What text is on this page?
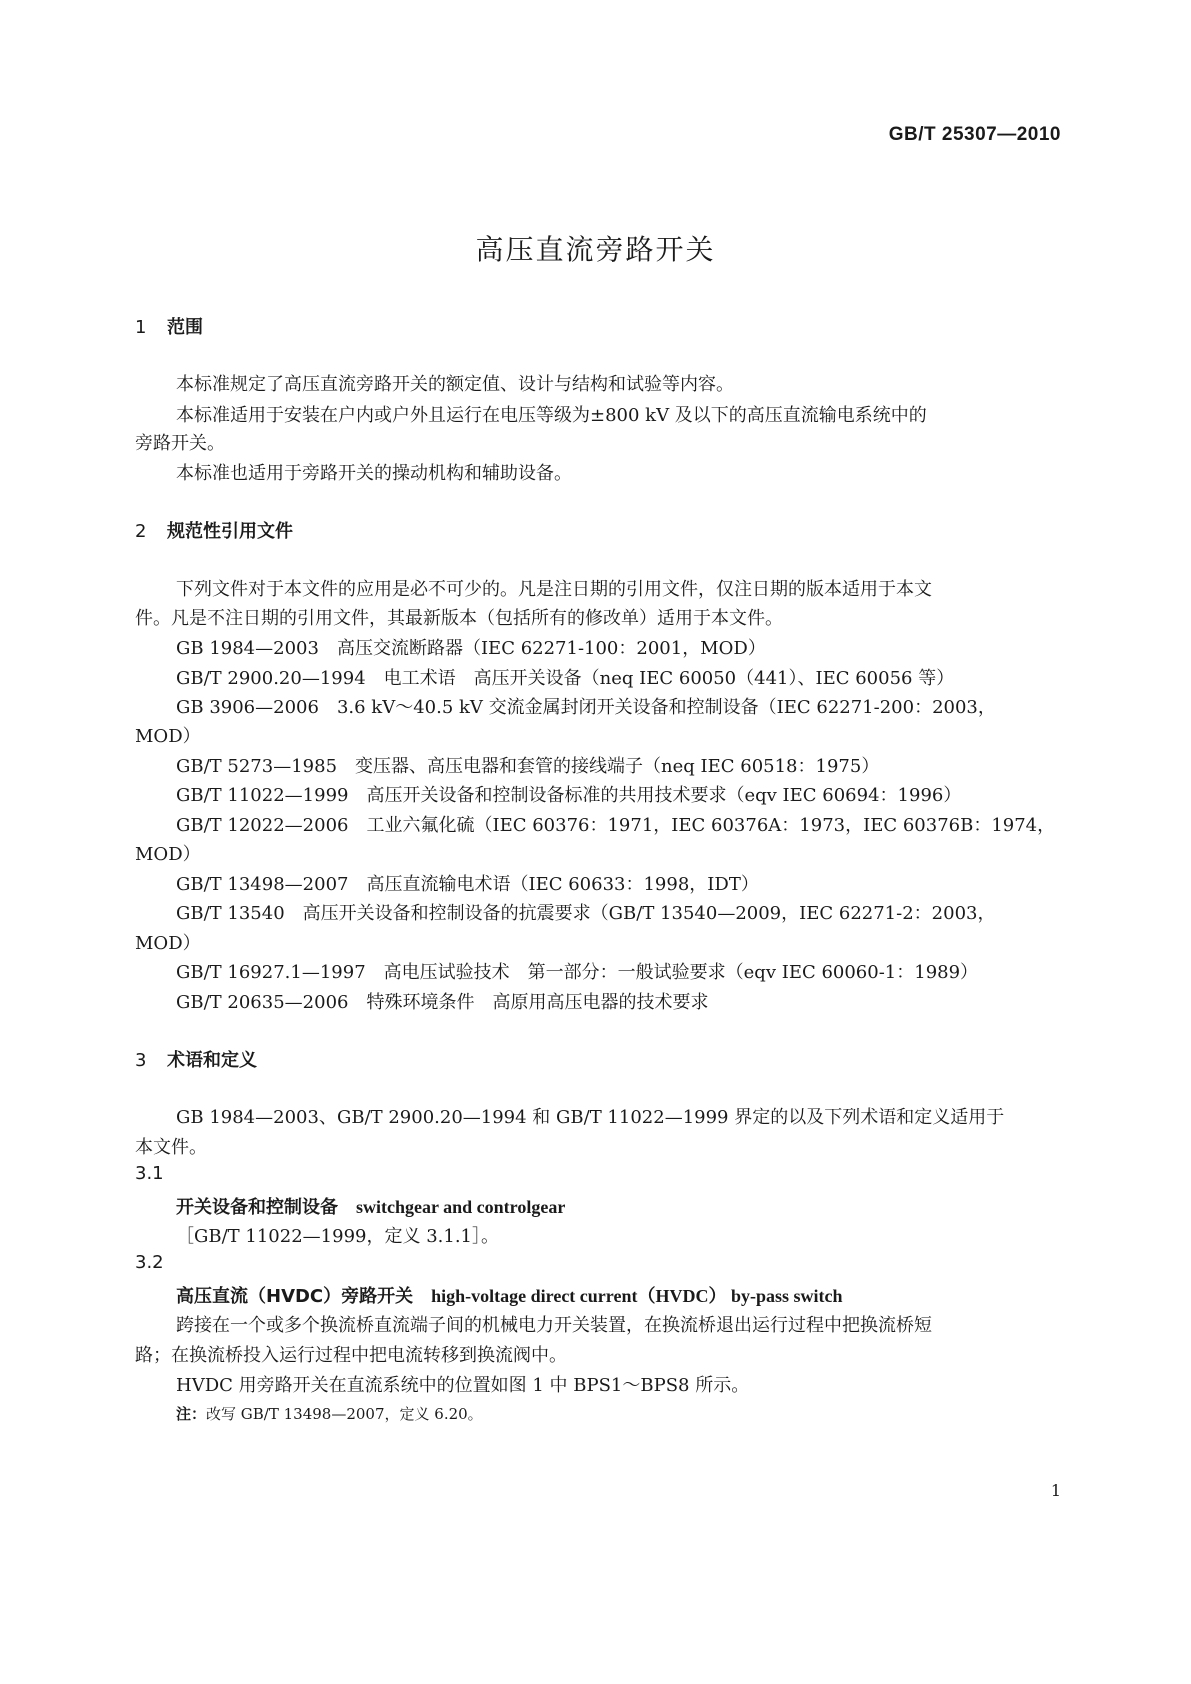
GB/T 25307—2010
高压直流旁路开关
1 范围
本标准规定了高压直流旁路开关的额定值、设计与结构和试验等内容。
本标准适用于安装在户内或户外且运行在电压等级为±800 kV 及以下的高压直流输电系统中的
旁路开关。
本标准也适用于旁路开关的操动机构和辅助设备。
2 规范性引用文件
下列文件对于本文件的应用是必不可少的。凡是注日期的引用文件，仅注日期的版本适用于本文
件。凡是不注日期的引用文件，其最新版本（包括所有的修改单）适用于本文件。
GB 1984—2003　高压交流断路器（IEC 62271-100：2001，MOD）
GB/T 2900.20—1994　电工术语　高压开关设备（neq IEC 60050（441）、IEC 60056 等）
GB 3906—2006　3.6 kV～40.5 kV 交流金属封闭开关设备和控制设备（IEC 62271-200：2003，
MOD）
GB/T 5273—1985　变压器、高压电器和套管的接线端子（neq IEC 60518：1975）
GB/T 11022—1999　高压开关设备和控制设备标准的共用技术要求（eqv IEC 60694：1996）
GB/T 12022—2006　工业六氟化硫（IEC 60376：1971，IEC 60376A：1973，IEC 60376B：1974，
MOD）
GB/T 13498—2007　高压直流输电术语（IEC 60633：1998，IDT）
GB/T 13540　高压开关设备和控制设备的抗震要求（GB/T 13540—2009，IEC 62271-2：2003，
MOD）
GB/T 16927.1—1997　高电压试验技术　第一部分：一般试验要求（eqv IEC 60060-1：1989）
GB/T 20635—2006　特殊环境条件　高原用高压电器的技术要求
3 术语和定义
GB 1984—2003、GB/T 2900.20—1994 和 GB/T 11022—1999 界定的以及下列术语和定义适用于
本文件。
3.1
开关设备和控制设备 switchgear and controlgear
［GB/T 11022—1999，定义 3.1.1］。
3.2
高压直流（HVDC）旁路开关 high-voltage direct current（HVDC） by-pass switch
跨接在一个或多个换流桥直流端子间的机械电力开关装置，在换流桥退出运行过程中把换流桥短
路；在换流桥投入运行过程中把电流转移到换流阀中。
HVDC 用旁路开关在直流系统中的位置如图 1 中 BPS1～BPS8 所示。
注：改写 GB/T 13498—2007，定义 6.20。
1
